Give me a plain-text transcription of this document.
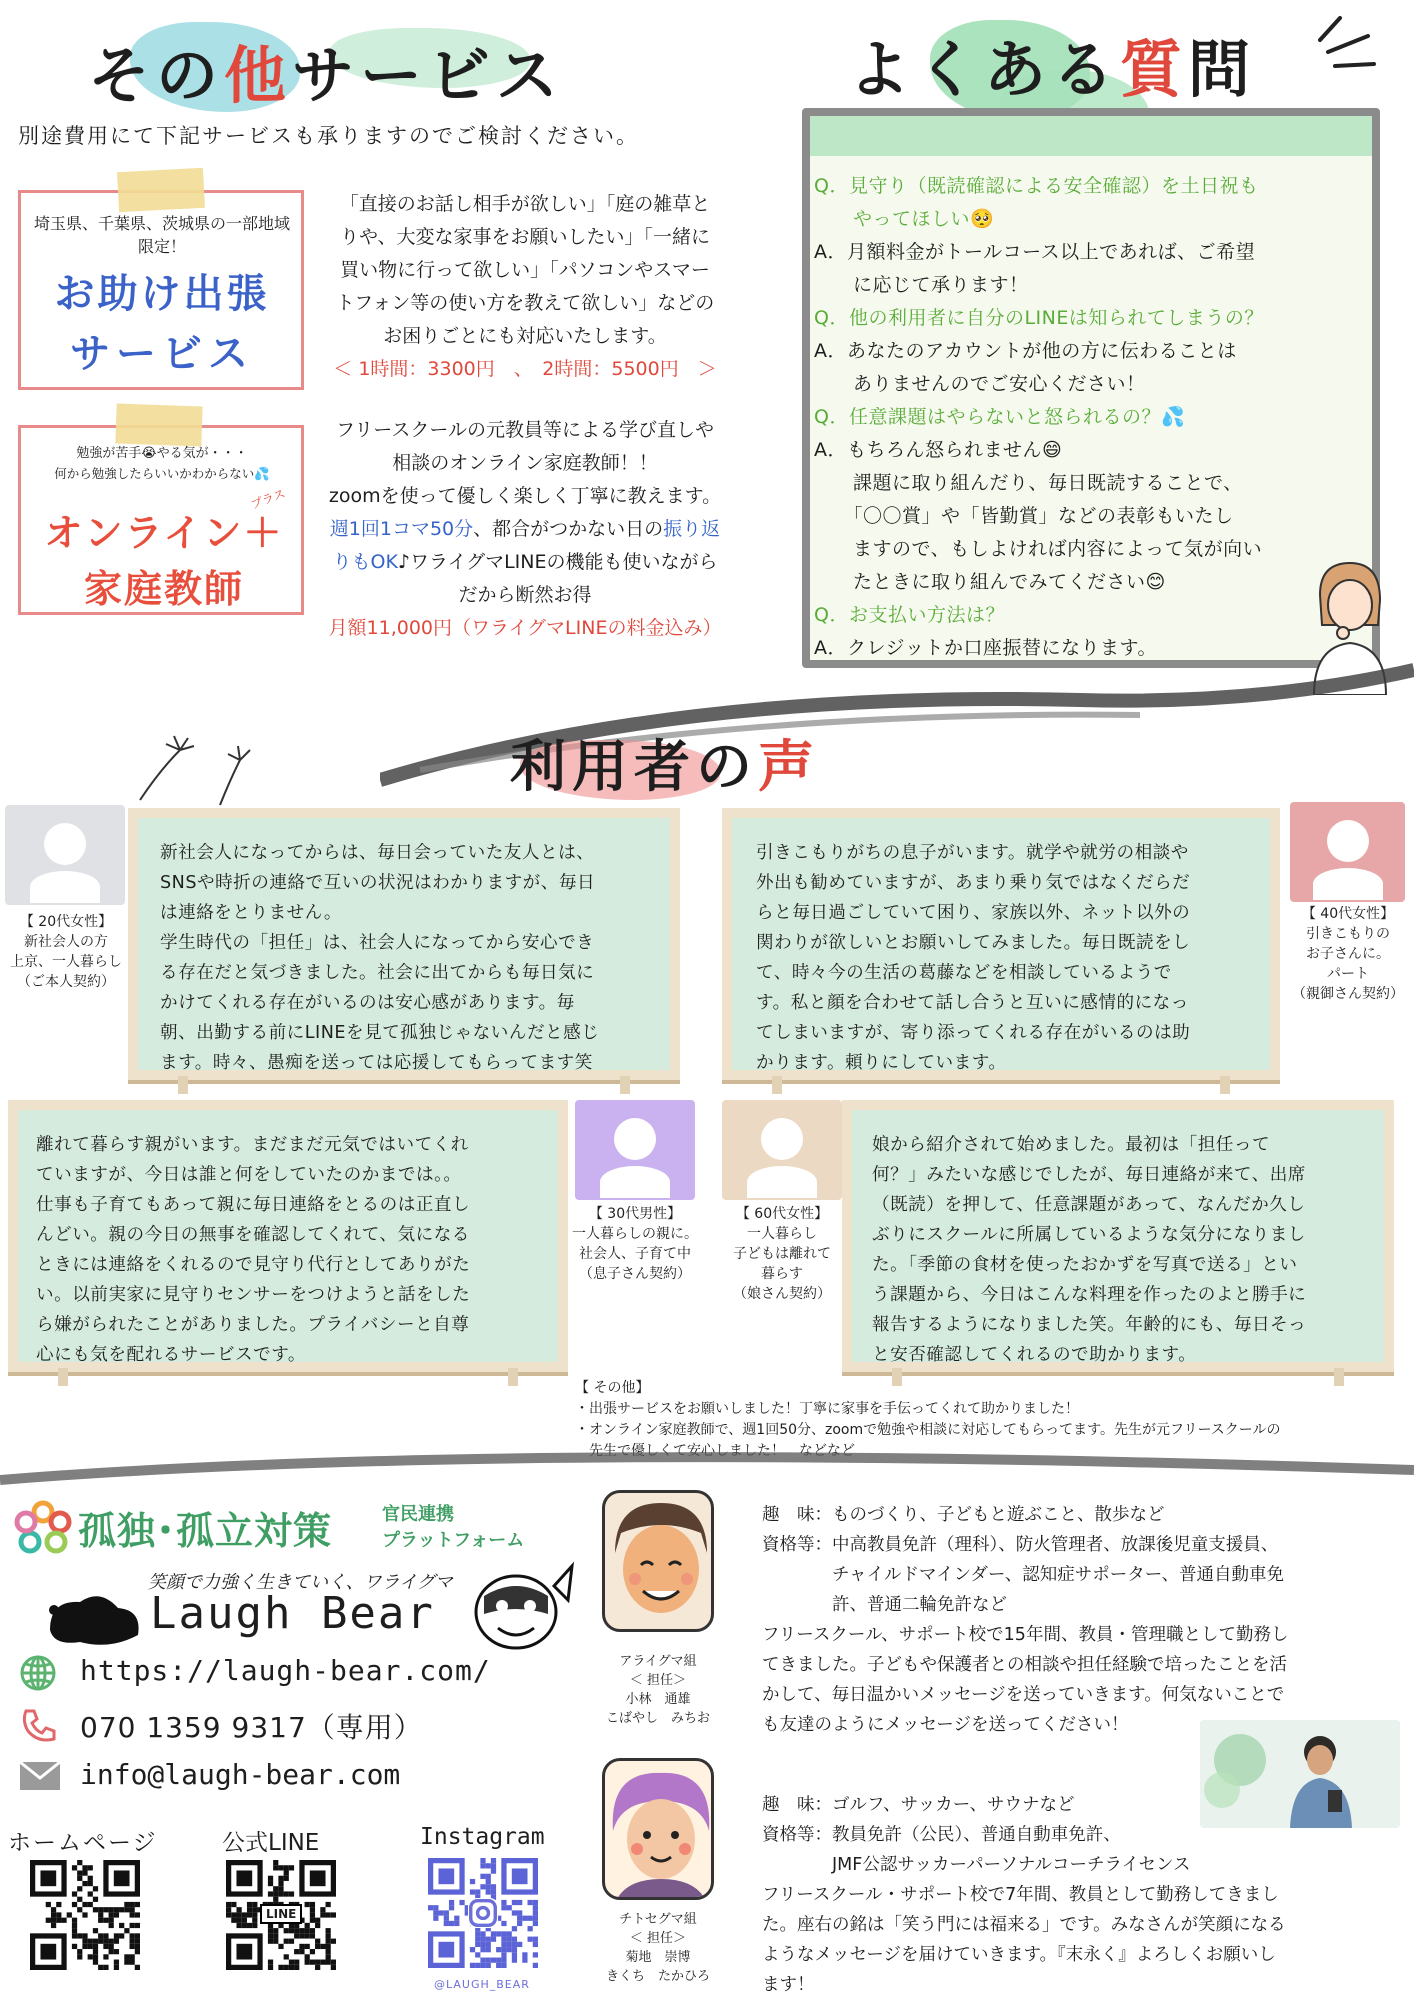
その他サービス
別途費用にて下記サービスも承りますのでご検討ください。
埼玉県、千葉県、茨城県の一部地域限定！
お助け出張
サービス
「直接のお話し相手が欲しい」「庭の雑草と
りや、大変な家事をお願いしたい」「一緒に
買い物に行って欲しい」「パソコンやスマー
トフォン等の使い方を教えて欲しい」などの
お困りごとにも対応いたします。
＜ 1時間：3300円　、　2時間：5500円　＞
勉強が苦手😭やる気が・・・
何から勉強したらいいかわからない💦
オンライン＋
プラス
家庭教師
フリースクールの元教員等による学び直しや
相談のオンライン家庭教師！！
zoomを使って優しく楽しく丁寧に教えます。
週1回1コマ50分、都合がつかない日の振り返
りもOK♪ワライグマLINEの機能も使いながら
だから断然お得
月額11,000円（ワライグマLINEの料金込み）
よくある質問
Q．見守り（既読確認による安全確認）を土日祝も
　　やってほしい🥺
A．月額料金がトールコース以上であれば、ご希望
　　に応じて承ります！
Q．他の利用者に自分のLINEは知られてしまうの？
A．あなたのアカウントが他の方に伝わることは
　　ありませんのでご安心ください！
Q．任意課題はやらないと怒られるの？💦
A．もちろん怒られません😄
　　課題に取り組んだり、毎日既読することで、
　　「〇〇賞」や「皆勤賞」などの表彰もいたし
　　ますので、もしよければ内容によって気が向い
　　たときに取り組んでみてください😊
Q．お支払い方法は？
A．クレジットか口座振替になります。
利用者の声
【 20代女性】
新社会人の方
上京、一人暮らし
（ご本人契約）

新社会人になってからは、毎日会っていた友人とは、

SNSや時折の連絡で互いの状況はわかりますが、毎日

は連絡をとりません。

学生時代の「担任」は、社会人になってから安心でき

る存在だと気づきました。社会に出てからも毎日気に

かけてくれる存在がいるのは安心感があります。毎

朝、出勤する前にLINEを見て孤独じゃないんだと感じ

ます。時々、愚痴を送っては応援してもらってます笑

引きこもりがちの息子がいます。就学や就労の相談や

外出も勧めていますが、あまり乗り気ではなくだらだ

らと毎日過ごしていて困り、家族以外、ネット以外の

関わりが欲しいとお願いしてみました。毎日既読をし

て、時々今の生活の葛藤などを相談しているようで

す。私と顔を合わせて話し合うと互いに感情的になっ

てしまいますが、寄り添ってくれる存在がいるのは助

かります。頼りにしています。

【 40代女性】
引きこもりの
お子さんに。
パート
（親御さん契約）

離れて暮らす親がいます。まだまだ元気ではいてくれ

ていますが、今日は誰と何をしていたのかまでは。。

仕事も子育てもあって親に毎日連絡をとるのは正直し

んどい。親の今日の無事を確認してくれて、気になる

ときには連絡をくれるので見守り代行としてありがた

い。以前実家に見守りセンサーをつけようと話をした

ら嫌がられたことがありました。プライバシーと自尊

心にも気を配れるサービスです。

【 30代男性】
一人暮らしの親に。
社会人、子育て中
（息子さん契約）
【 60代女性】
一人暮らし
子どもは離れて
暮らす
（娘さん契約）

娘から紹介されて始めました。最初は「担任って

何？」みたいな感じでしたが、毎日連絡が来て、出席

（既読）を押して、任意課題があって、なんだか久し

ぶりにスクールに所属しているような気分になりまし

た。「季節の食材を使ったおかずを写真で送る」とい

う課題から、今日はこんな料理を作ったのよと勝手に

報告するようになりました笑。年齢的にも、毎日そっ

と安否確認してくれるので助かります。

【 その他】
・出張サービスをお願いしました！丁寧に家事を手伝ってくれて助かりました！
・オンライン家庭教師で、週1回50分、zoomで勉強や相談に対応してもらってます。先生が元フリースクールの
　先生で優しくて安心しました！　などなど
孤独･孤立対策	官民連携
プラットフォーム
笑顔で力強く生きていく、ワライグマ
Laugh Bear
https://laugh-bear.com/
070 1359 9317（専用）
info@laugh-bear.com
ホームページ	公式LINE	Instagram
LINE
@LAUGH_BEAR
アライグマ組
＜ 担任＞
小林　通雄
こばやし　みちお
趣　味：ものづくり、子どもと遊ぶこと、散歩など
資格等：中高教員免許（理科）、防火管理者、放課後児童支援員、
　　　　チャイルドマインダー、認知症サポーター、普通自動車免
　　　　許、普通二輪免許など
フリースクール、サポート校で15年間、教員・管理職として勤務し
てきました。子どもや保護者との相談や担任経験で培ったことを活
かして、毎日温かいメッセージを送っていきます。何気ないことで
も友達のようにメッセージを送ってください！
チトセグマ組
＜ 担任＞
菊地　崇博
きくち　たかひろ
趣　味：ゴルフ、サッカー、サウナなど
資格等：教員免許（公民）、普通自動車免許、
　　　　JMF公認サッカーパーソナルコーチライセンス
フリースクール・サポート校で7年間、教員として勤務してきまし
た。座右の銘は「笑う門には福来る」です。みなさんが笑顔になる
ようなメッセージを届けていきます。『末永く』よろしくお願いし
ます！
